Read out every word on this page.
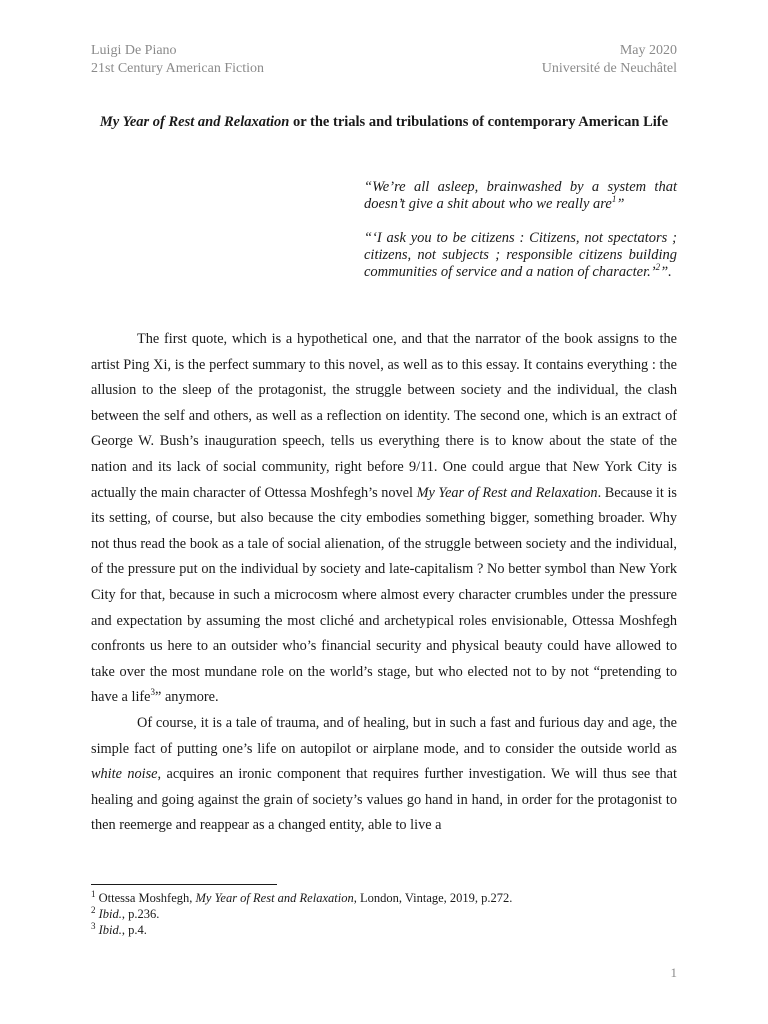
Luigi De Piano
21st Century American Fiction
May 2020
Université de Neuchâtel
My Year of Rest and Relaxation or the trials and tribulations of contemporary American Life

“We’re all asleep, brainwashed by a system that doesn’t give a shit about who we really are$^1$”

“‘I ask you to be citizens : Citizens, not spectators ; citizens, not subjects ; responsible citizens building communities of service and a nation of character.’$^2$”.

The first quote, which is a hypothetical one, and that the narrator of the book assigns to the artist Ping Xi, is the perfect summary to this novel, as well as to this essay. It contains everything : the allusion to the sleep of the protagonist, the struggle between society and the individual, the clash between the self and others, as well as a reflection on identity. The second one, which is an extract of George W. Bush’s inauguration speech, tells us everything there is to know about the state of the nation and its lack of social community, right before 9/11. One could argue that New York City is actually the main character of Ottessa Moshfegh’s novel My Year of Rest and Relaxation. Because it is its setting, of course, but also because the city embodies something bigger, something broader. Why not thus read the book as a tale of social alienation, of the struggle between society and the individual, of the pressure put on the individual by society and late-capitalism ? No better symbol than New York City for that, because in such a microcosm where almost every character crumbles under the pressure and expectation by assuming the most cliché and archetypical roles envisionable, Ottessa Moshfegh confronts us here to an outsider who’s financial security and physical beauty could have allowed to take over the most mundane role on the world’s stage, but who elected not to by not “pretending to have a life$^3$” anymore.

Of course, it is a tale of trauma, and of healing, but in such a fast and furious day and age, the simple fact of putting one’s life on autopilot or airplane mode, and to consider the outside world as white noise, acquires an ironic component that requires further investigation. We will thus see that healing and going against the grain of society’s values go hand in hand, in order for the protagonist to then reemerge and reappear as a changed entity, able to live a

$^1$ Ottessa Moshfegh, My Year of Rest and Relaxation, London, Vintage, 2019, p.272.
$^2$ Ibid., p.236.
$^3$ Ibid., p.4.
1
